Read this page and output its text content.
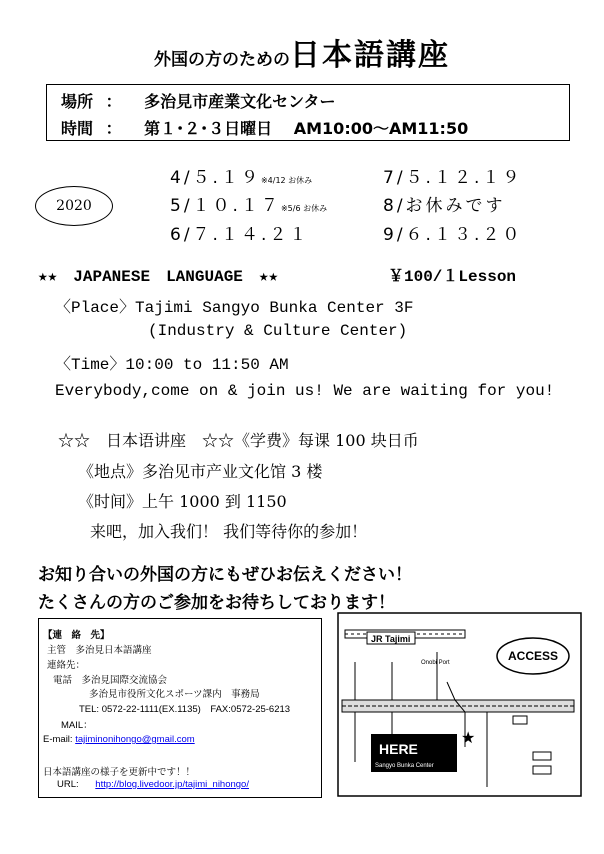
外国の方のための日本語講座
場所 ： 多治見市産業文化センター
時間 ： 第１･２･３日曜日　 AM10:00～AM11:50
2020
4/５.１９※4/12 お休み
5/１０.１７※5/6 お休み
6/７.１４.２１
7/５.１２.１９
8/お休みです
9/６.１３.２０
★★　JAPANESE　LANGUAGE　★★	￥100/１Lesson
〈Place〉Tajimi Sangyo Bunka Center 3F
(Industry & Culture Center)
〈Time〉10:00 to 11:50 AM
Everybody,come on & join us! We are waiting for you!
☆☆　日本语讲座　☆☆《学费》每课 100 块日币
《地点》多治见市产业文化馆 3 楼
《时间》上午 1000 到 1150
来吧，加入我们！ 我们等待你的参加！
お知り合いの外国の方にもぜひお伝えください！
たくさんの方のご参加をお待ちしております！
【連　絡　先】
主管　多治見日本語講座
連絡先：
電話　多治見国際交流協会
多治見市役所文化スポーツ課内　事務局
TEL: 0572-22-1111(EX.1135)　FAX:0572-25-6213
MAIL：
E-mail: tajiminonihongo@gmail.com
日本語講座の様子を更新中です！！
URL: http://blog.livedoor.jp/tajimi_nihongo/
JR Tajimi
ACCESS
Onobi Port
HERE
Sangyo Bunka Center
★
